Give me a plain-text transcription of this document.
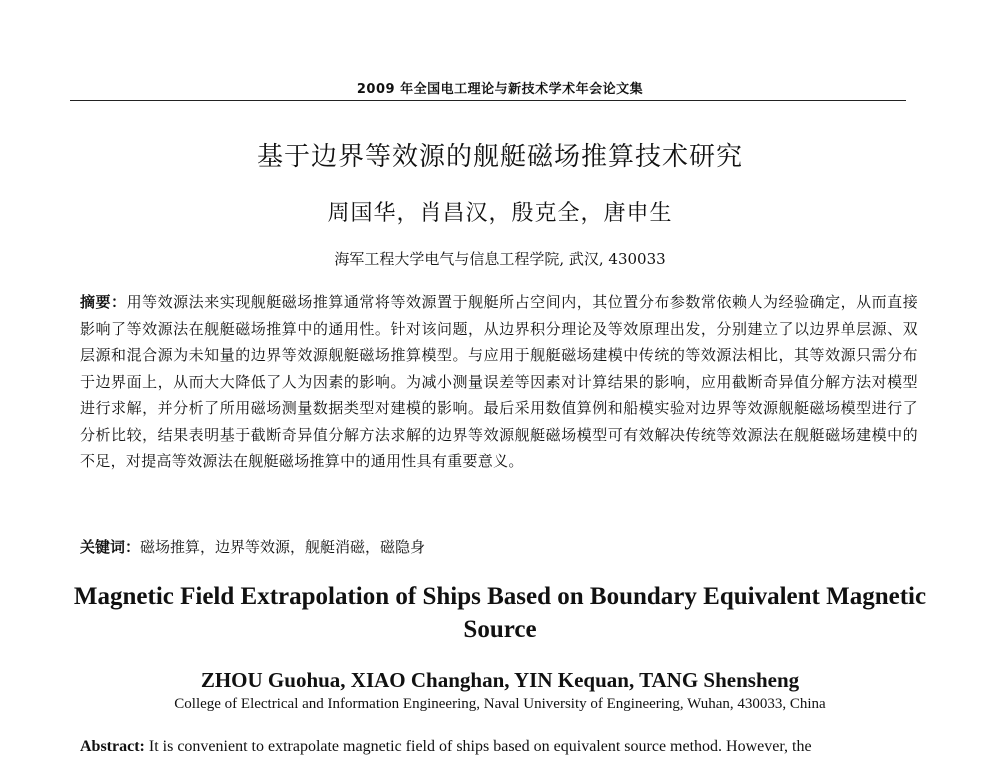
2009 年全国电工理论与新技术学术年会论文集
基于边界等效源的舰艇磁场推算技术研究
周国华，肖昌汉，殷克全，唐申生
海军工程大学电气与信息工程学院, 武汉, 430033
摘要：用等效源法来实现舰艇磁场推算通常将等效源置于舰艇所占空间内，其位置分布参数常依赖人为经验确定，从而直接影响了等效源法在舰艇磁场推算中的通用性。针对该问题，从边界积分理论及等效原理出发，分别建立了以边界单层源、双层源和混合源为未知量的边界等效源舰艇磁场推算模型。与应用于舰艇磁场建模中传统的等效源法相比，其等效源只需分布于边界面上，从而大大降低了人为因素的影响。为减小测量误差等因素对计算结果的影响，应用截断奇异值分解方法对模型进行求解，并分析了所用磁场测量数据类型对建模的影响。最后采用数值算例和船模实验对边界等效源舰艇磁场模型进行了分析比较，结果表明基于截断奇异值分解方法求解的边界等效源舰艇磁场模型可有效解决传统等效源法在舰艇磁场建模中的不足，对提高等效源法在舰艇磁场推算中的通用性具有重要意义。
关键词：磁场推算，边界等效源，舰艇消磁，磁隐身
Magnetic Field Extrapolation of Ships Based on Boundary Equivalent Magnetic Source
ZHOU Guohua, XIAO Changhan, YIN Kequan, TANG Shensheng
College of Electrical and Information Engineering, Naval University of Engineering, Wuhan, 430033, China
Abstract: It is convenient to extrapolate magnetic field of ships based on equivalent source method. However, the
